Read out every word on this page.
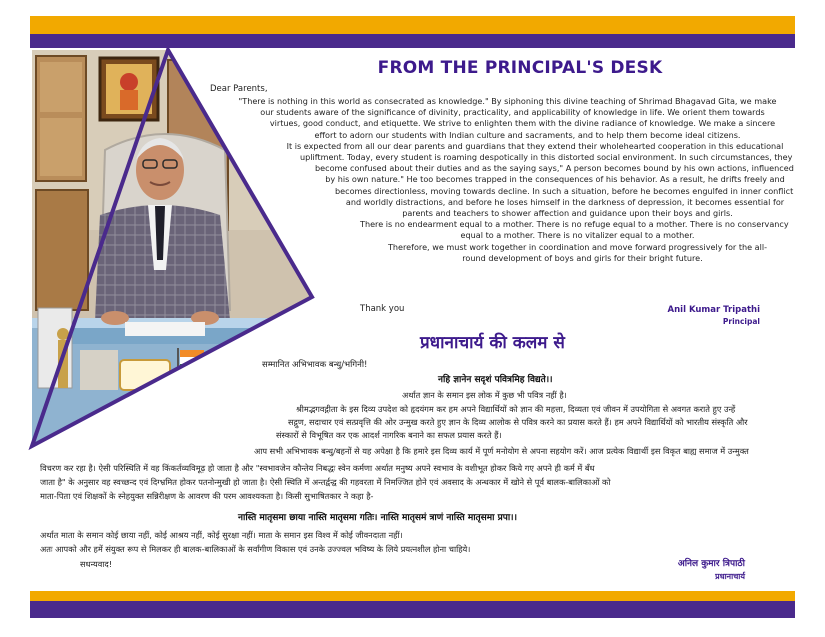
FROM THE PRINCIPAL'S DESK

Dear Parents,

"There is nothing in this world as consecrated as knowledge." By siphoning this divine teaching of Shrimad Bhagavad Gita, we make

our students aware of the significance of divinity, practicality, and applicability of knowledge in life. We orient them towards

virtues, good conduct, and etiquette. We strive to enlighten them with the divine radiance of knowledge. We make a sincere

effort to adorn our students with Indian culture and sacraments, and to help them become ideal citizens.

It is expected from all our dear parents and guardians that they extend their wholehearted cooperation in this educational

upliftment. Today, every student is roaming despotically in this distorted social environment. In such circumstances, they

become confused about their duties and as the saying says," A person becomes bound by his own actions, influenced

by his own nature." He too becomes trapped in the consequences of his behavior. As a result, he drifts freely and

becomes directionless, moving towards decline. In such a situation, before he becomes engulfed in inner conflict

and worldly distractions, and before he loses himself in the darkness of depression, it becomes essential for

parents and teachers to shower affection and guidance upon their boys and girls.

There is no endearment equal to a mother. There is no refuge equal to a mother. There is no conservancy

equal to a mother. There is no vitalizer equal to a mother.

Therefore, we must work together in coordination and move forward progressively for the all-

round development of boys and girls for their bright future.

Thank you	Anil Kumar Tripathi

Principal

प्रधानाचार्य की कलम से

सम्मानित अभिभावक बन्धु/भगिनी!

नहि ज्ञानेन सदृशं पवित्रमिह विद्यते।।

अर्थात ज्ञान के समान इस लोक में कुछ भी पवित्र नहीं है।

श्रीमद्भगवद्गीता के इस दिव्य उपदेश को हृदयंगम कर हम अपने विद्यार्थियों को ज्ञान की महत्ता, दिव्यता एवं जीवन में उपयोगिता से अवगत कराते हुए उन्हें

सद्गुण, सदाचार एवं सत्प्रवृत्ति की ओर उन्मुख करते हुए ज्ञान के दिव्य आलोक से पवित्र करने का प्रयास करते हैं। हम अपने विद्यार्थियों को भारतीय संस्कृति और

संस्कारों से विभूषित कर एक आदर्श नागरिक बनाने का सफल प्रयास करते हैं।

आप सभी अभिभावक बन्धु/बहनों से यह अपेक्षा है कि हमारे इस दिव्य कार्य में पूर्ण मनोयोग से अपना सहयोग करें। आज प्रत्येक विद्यार्थी इस विकृत बाह्य समाज में उन्मुक्त

विचरण कर रहा है। ऐसी परिस्थिति में वह किंकर्तव्यविमूढ़ हो जाता है और "स्वभावजेन कौन्तेय निबद्धः स्वेन कर्मणा अर्थात मनुष्य अपने स्वभाव के वशीभूत होकर किये गए अपने ही कर्म में बँध

जाता है" के अनुसार वह स्वच्छन्द एवं दिग्भ्रमित होकर पतनोन्मुखी हो जाता है। ऐसी स्थिति में अन्तर्द्वन्द्व की गहवरता में निमज्जित होने एवं अवसाद के अन्धकार में खोने से पूर्व बालक-बालिकाओं को

माता-पिता एवं शिक्षकों के स्नेहयुक्त सन्निरीक्षण के आवरण की परम आवश्यकता है। किसी सुभाषितकार ने कहा है-

नास्ति मातृसमा छाया नास्ति मातृसमा गतिः। नास्ति मातृसमं त्राणं नास्ति मातृसमा प्रपा।।

अर्थात माता के समान कोई छाया नहीं, कोई आश्रय नहीं, कोई सुरक्षा नहीं। माता के समान इस विश्व में कोई जीवनदाता नहीं।

अतः आपको और हमें संयुक्त रूप से मिलकर ही बालक-बालिकाओं के सर्वांगीण विकास एवं उनके उज्ज्वल भविष्य के लिये प्रयत्नशील होना चाहिये।

सधन्यवाद!	अनिल कुमार त्रिपाठी

प्रधानाचार्य
